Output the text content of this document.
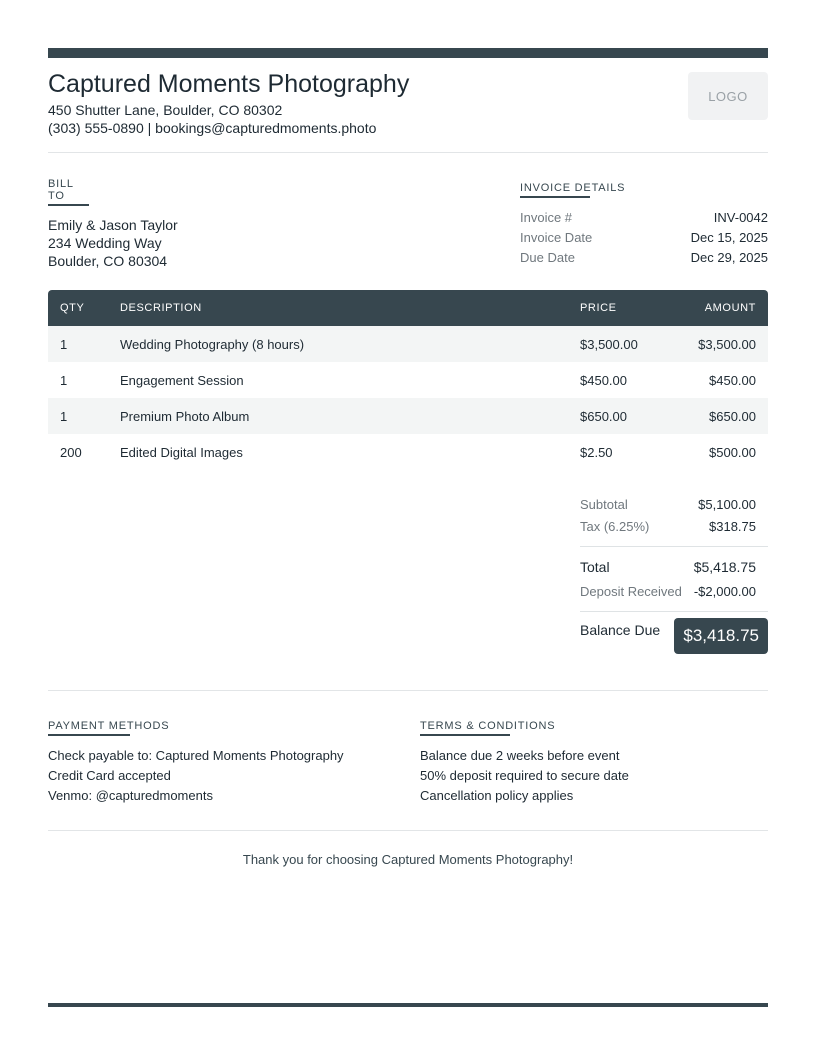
Captured Moments Photography
450 Shutter Lane, Boulder, CO 80302
(303) 555-0890 | bookings@capturedmoments.photo
LOGO
BILL TO
Emily & Jason Taylor
234 Wedding Way
Boulder, CO 80304
INVOICE DETAILS
Invoice #	INV-0042
Invoice Date	Dec 15, 2025
Due Date	Dec 29, 2025
QTY	DESCRIPTION	PRICE	AMOUNT
1	Wedding Photography (8 hours)	$3,500.00	$3,500.00
1	Engagement Session	$450.00	$450.00
1	Premium Photo Album	$650.00	$650.00
200	Edited Digital Images	$2.50	$500.00
Subtotal	$5,100.00
Tax (6.25%)	$318.75
Total	$5,418.75
Deposit Received -$2,000.00
Balance Due	$3,418.75
PAYMENT METHODS
Check payable to: Captured Moments Photography
Credit Card accepted
Venmo: @capturedmoments
TERMS & CONDITIONS
Balance due 2 weeks before event
50% deposit required to secure date
Cancellation policy applies
Thank you for choosing Captured Moments Photography!
